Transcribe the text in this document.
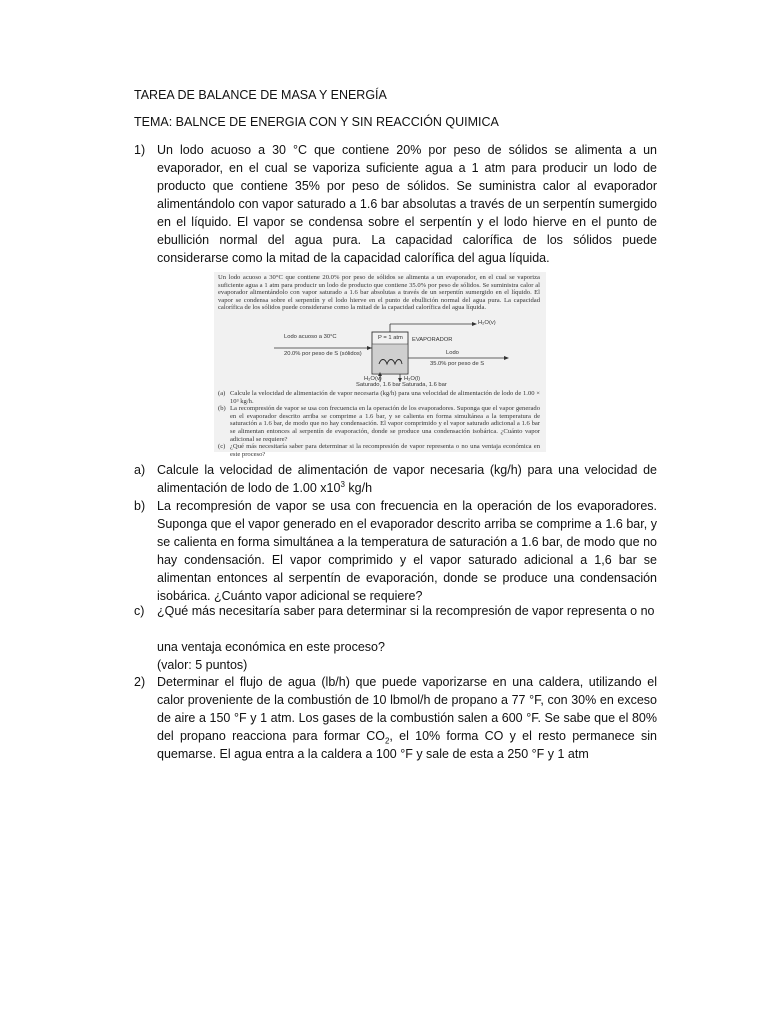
TAREA DE BALANCE DE MASA Y ENERGÍA
TEMA: BALNCE DE ENERGIA CON Y SIN REACCIÓN QUIMICA
1) Un lodo acuoso a 30 °C que contiene 20% por peso de sólidos se alimenta a un evaporador, en el cual se vaporiza suficiente agua a 1 atm para producir un lodo de producto que contiene 35% por peso de sólidos. Se suministra calor al evaporador alimentándolo con vapor saturado a 1.6 bar absolutas a través de un serpentín sumergido en el líquido. El vapor se condensa sobre el serpentín y el lodo hierve en el punto de ebullición normal del agua pura. La capacidad calorífica de los sólidos puede considerarse como la mitad de la capacidad calorífica del agua líquida.
Un lodo acuoso a 30°C que contiene 20.0% por peso de sólidos se alimenta a un evaporador, en el cual se vaporiza suficiente agua a 1 atm para producir un lodo de producto que contiene 35.0% por peso de sólidos. Se suministra calor al evaporador alimentándolo con vapor saturado a 1.6 bar absolutas a través de un serpentín sumergido en el líquido. El vapor se condensa sobre el serpentín y el lodo hierve en el punto de ebullición normal del agua pura. La capacidad calorífica de los sólidos puede considerarse como la mitad de la capacidad calorífica del agua líquida.
H₂O(v)
Lodo acuoso a 30°C
20.0% por peso de S (sólidos)
P = 1 atm EVAPORADOR
Lodo
35.0% por peso de S
H₂O(v)
Saturado, 1.6 bar
H₂O(l)
Saturada, 1.6 bar
(a) Calcule la velocidad de alimentación de vapor necesaria (kg/h) para una velocidad de alimentación de lodo de 1.00 × 10³ kg/h.
(b) La recompresión de vapor se usa con frecuencia en la operación de los evaporadores. Suponga que el vapor generado en el evaporador descrito arriba se comprime a 1.6 bar, y se calienta en forma simultánea a la temperatura de saturación a 1.6 bar, de modo que no hay condensación. El vapor comprimido y el vapor saturado adicional a 1.6 bar se alimentan entonces al serpentín de evaporación, donde se produce una condensación isobárica. ¿Cuánto vapor adicional se requiere?
(c) ¿Qué más necesitaría saber para determinar si la recompresión de vapor representa o no una ventaja económica en este proceso?
a) Calcule la velocidad de alimentación de vapor necesaria (kg/h) para una velocidad de alimentación de lodo de 1.00 $x10^3$ kg/h
b) La recompresión de vapor se usa con frecuencia en la operación de los evaporadores. Suponga que el vapor generado en el evaporador descrito arriba se comprime a 1.6 bar, y se calienta en forma simultánea a la temperatura de saturación a 1.6 bar, de modo que no hay condensación. El vapor comprimido y el vapor saturado adicional a 1,6 bar se alimentan entonces al serpentín de evaporación, donde se produce una condensación isobárica. ¿Cuánto vapor adicional se requiere?
c) ¿Qué más necesitaría saber para determinar si la recompresión de vapor representa o no
una ventaja económica en este proceso?
(valor: 5 puntos)
2) Determinar el flujo de agua (lb/h) que puede vaporizarse en una caldera, utilizando el calor proveniente de la combustión de 10 lbmol/h de propano a 77 °F, con 30% en exceso de aire a 150 °F y 1 atm. Los gases de la combustión salen a 600 °F. Se sabe que el 80% del propano reacciona para formar $CO_2$, el 10% forma CO y el resto permanece sin quemarse. El agua entra a la caldera a 100 °F y sale de esta a 250 °F y 1 atm
